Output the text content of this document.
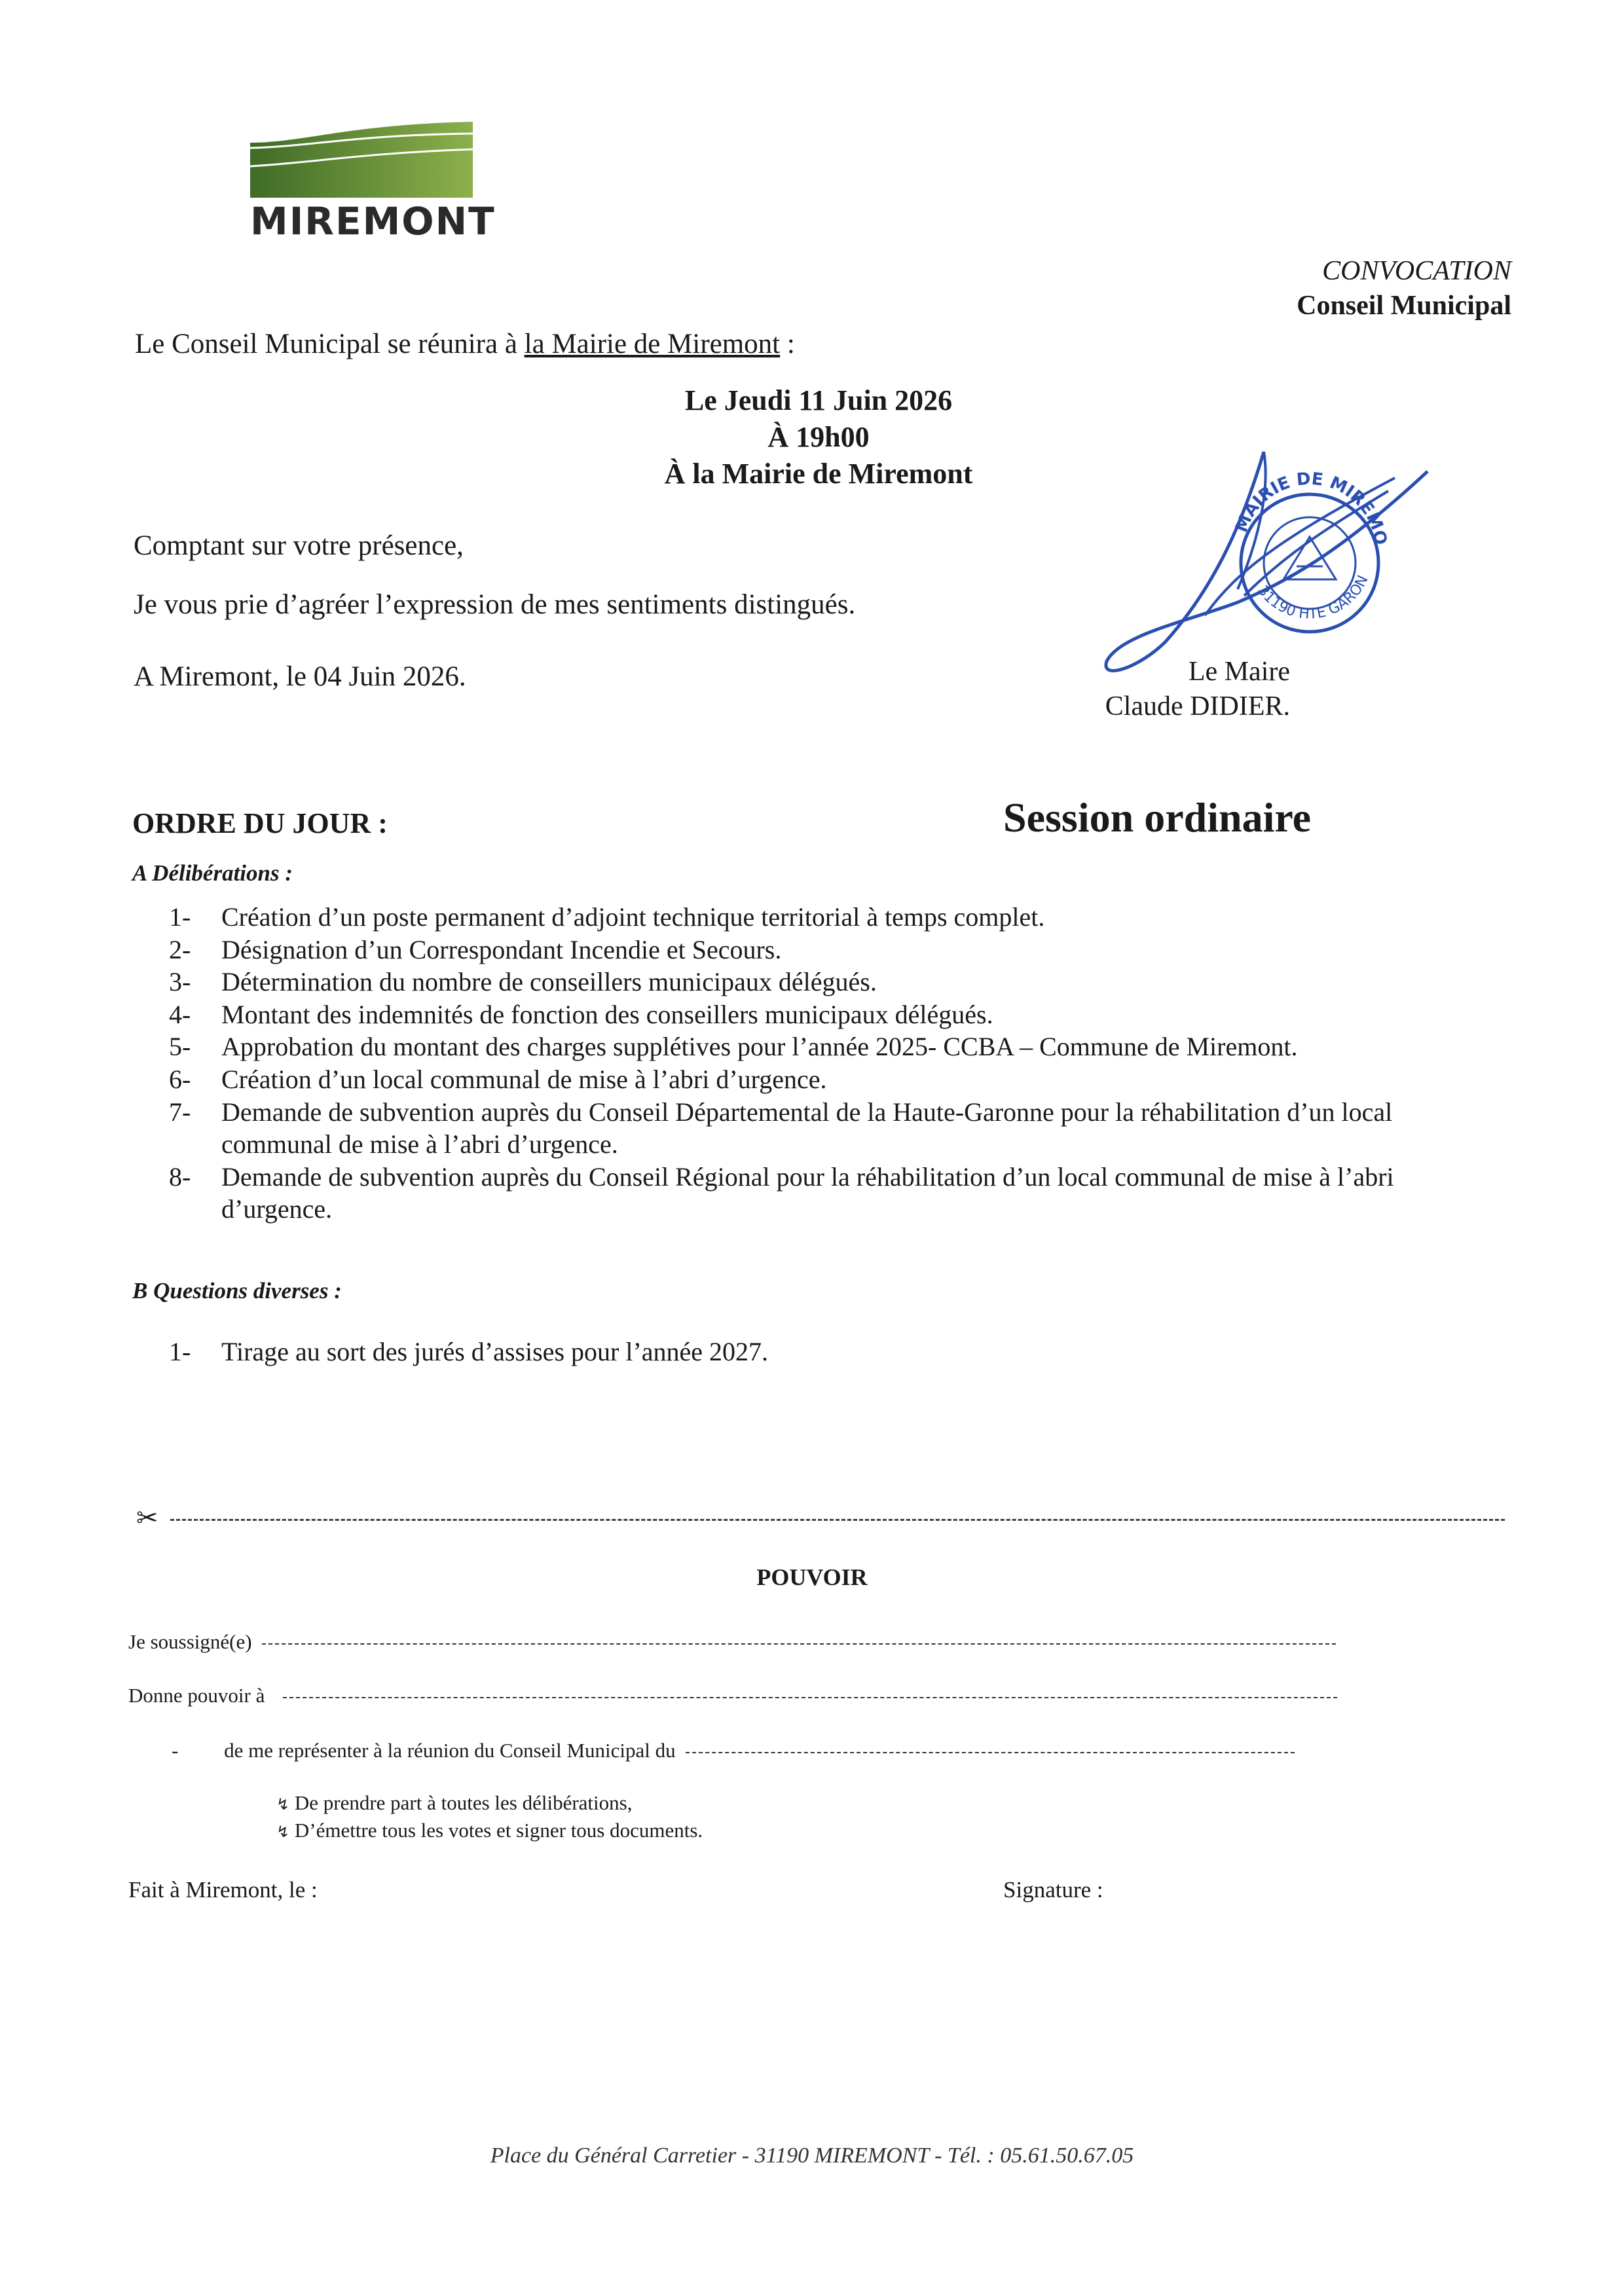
MIREMONT
CONVOCATION
Conseil Municipal
Le Conseil Municipal se réunira à la Mairie de Miremont :
Le Jeudi 11 Juin 2026
À 19h00
À la Mairie de Miremont
Comptant sur votre présence,
Je vous prie d’agréer l’expression de mes sentiments distingués.
A Miremont, le 04 Juin 2026.
MAIRIE DE MIREMO
31190 HTE GARON
Le Maire
Claude DIDIER.
ORDRE DU JOUR :	Session ordinaire
A Délibérations :
1- Création d’un poste permanent d’adjoint technique territorial à temps complet.
2- Désignation d’un Correspondant Incendie et Secours.
3- Détermination du nombre de conseillers municipaux délégués.
4- Montant des indemnités de fonction des conseillers municipaux délégués.
5- Approbation du montant des charges supplétives pour l’année 2025- CCBA – Commune de Miremont.
6- Création d’un local communal de mise à l’abri d’urgence.
7- Demande de subvention auprès du Conseil Départemental de la Haute-Garonne pour la réhabilitation d’un local
communal de mise à l’abri d’urgence.
8- Demande de subvention auprès du Conseil Régional pour la réhabilitation d’un local communal de mise à l’abri
d’urgence.
B Questions diverses :
1- Tirage au sort des jurés d’assises pour l’année 2027.
✂
POUVOIR
Je soussigné(e)
Donne pouvoir à
- de me représenter à la réunion du Conseil Municipal du
↯ De prendre part à toutes les délibérations,
↯ D’émettre tous les votes et signer tous documents.
Fait à Miremont, le :	Signature :
Place du Général Carretier - 31190 MIREMONT - Tél. : 05.61.50.67.05
